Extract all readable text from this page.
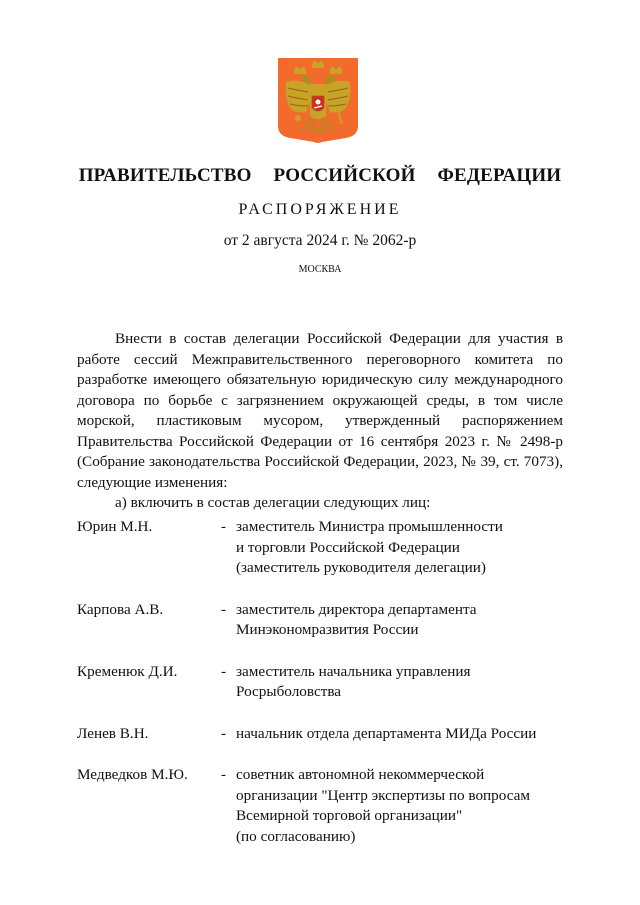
ПРАВИТЕЛЬСТВО  РОССИЙСКОЙ  ФЕДЕРАЦИИ
РАСПОРЯЖЕНИЕ
от 2 августа 2024 г. № 2062-р
МОСКВА

Внести в состав делегации Российской Федерации для участия в работе сессий Межправительственного переговорного комитета по разработке имеющего обязательную юридическую силу международного договора по борьбе с загрязнением окружающей среды, в том числе морской, пластиковым мусором, утвержденный распоряжением Правительства Российской Федерации от 16 сентября 2023 г. № 2498-р (Собрание законодательства Российской Федерации, 2023, № 39, ст. 7073), следующие изменения:

а) включить в состав делегации следующих лиц:

Юрин М.Н.	- заместитель Министра промышленности
и торговли Российской Федерации
(заместитель руководителя делегации)
Карпова А.В.	- заместитель директора департамента
Минэкономразвития России
Кременюк Д.И.	- заместитель начальника управления
Росрыболовства
Ленев В.Н.	- начальник отдела департамента МИДа России
Медведков М.Ю.	- советник автономной некоммерческой
организации "Центр экспертизы по вопросам
Всемирной торговой организации"
(по согласованию)
